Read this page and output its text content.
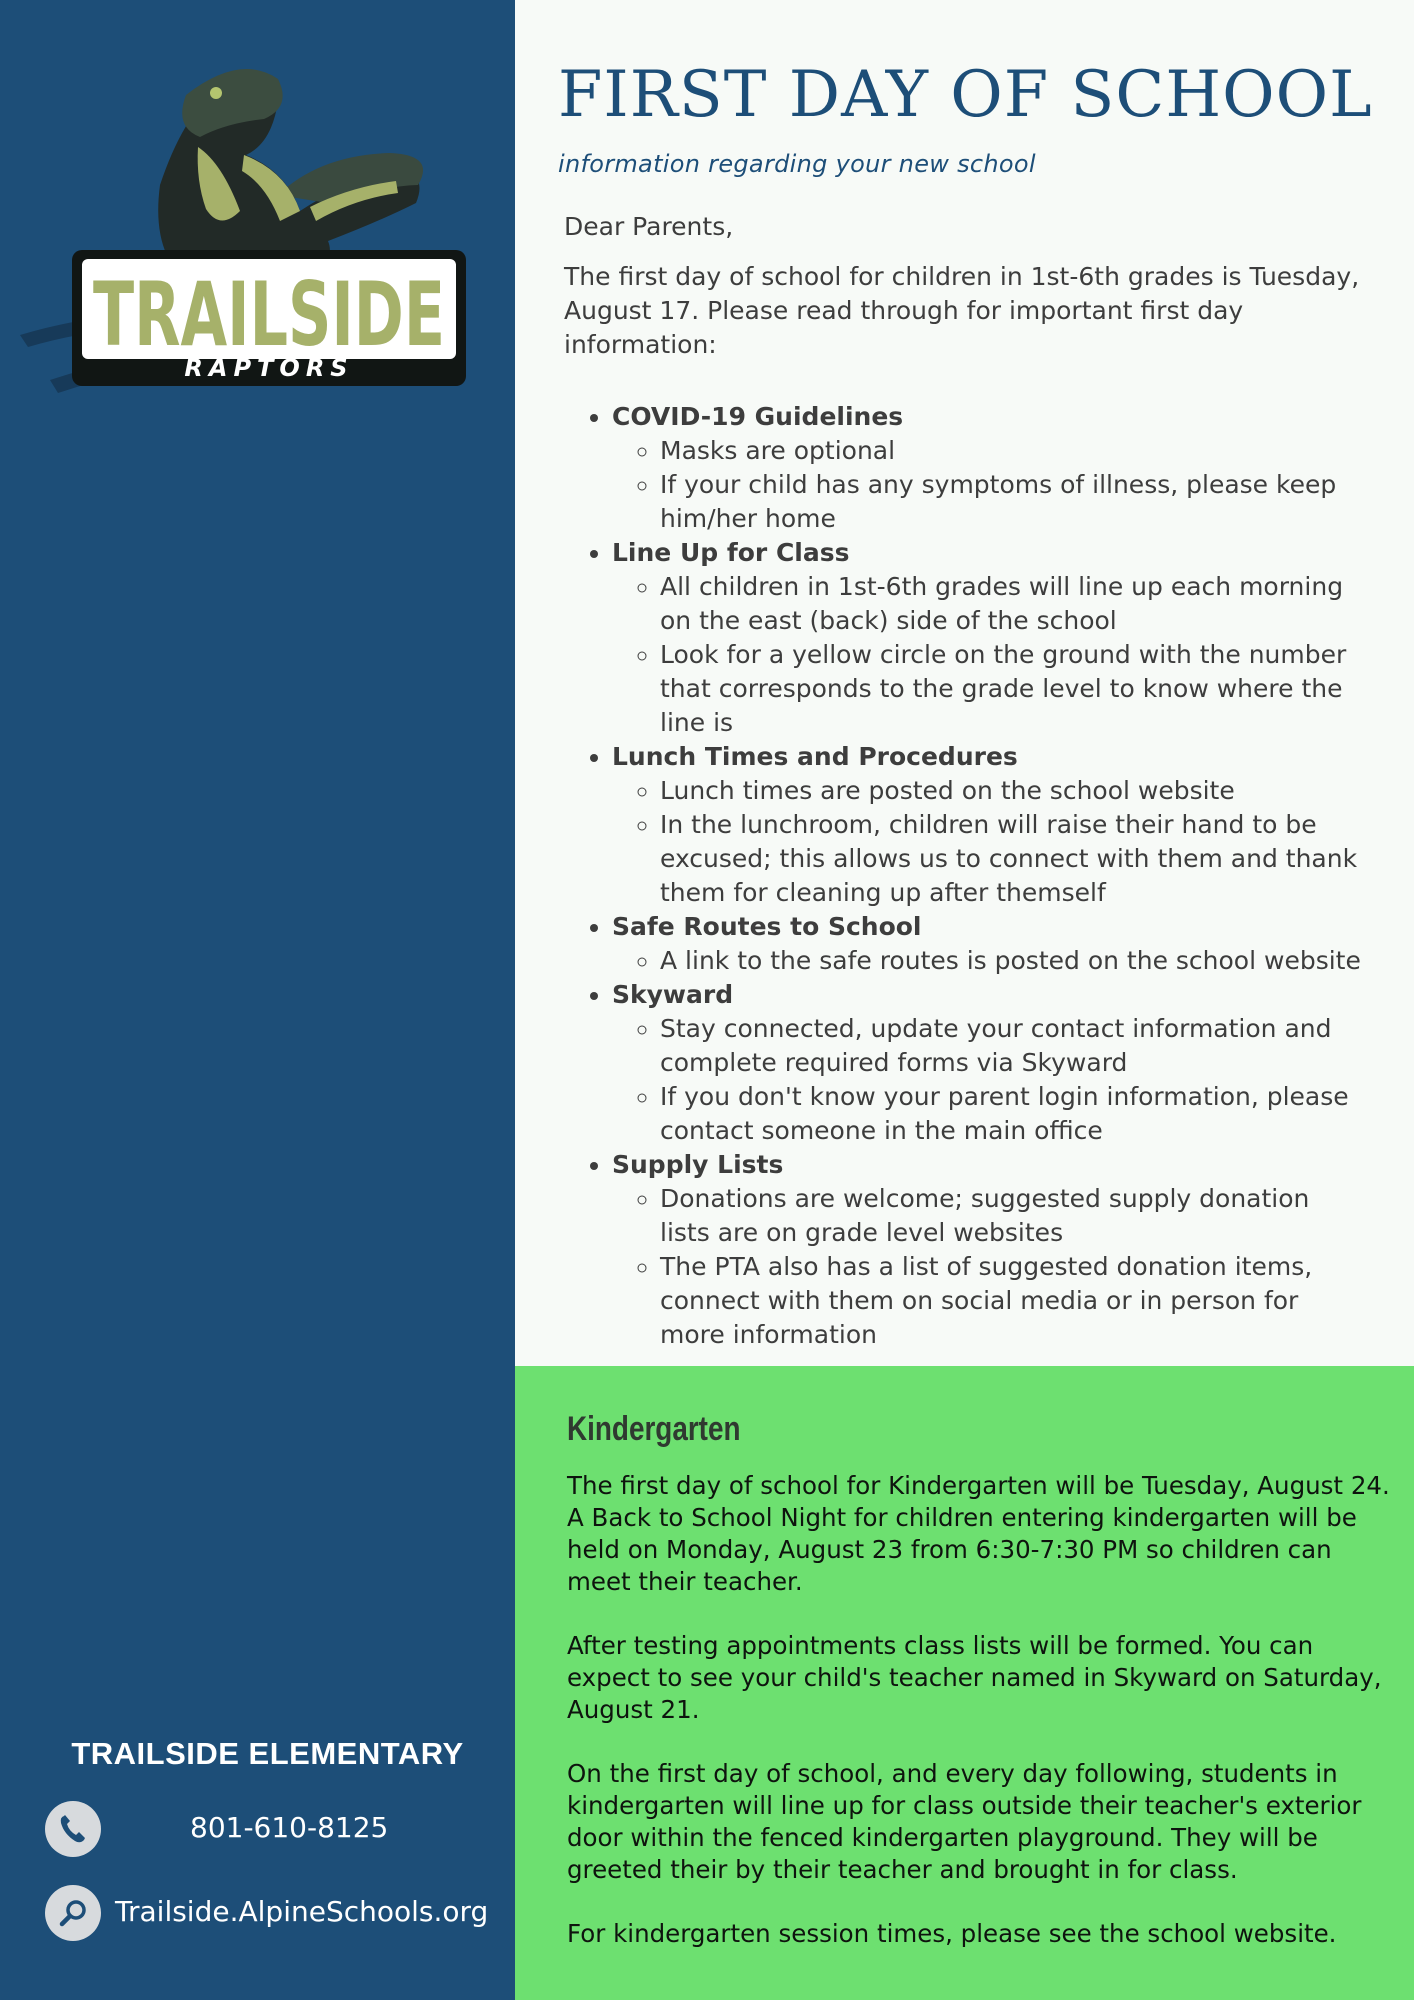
TRAILSIDE
RAPTORS
TRAILSIDE ELEMENTARY
801-610-8125
Trailside.AlpineSchools.org
FIRST DAY OF SCHOOL
information regarding your new school

Dear Parents,

The first day of school for children in 1st-6th grades is Tuesday, August 17. Please read through for important first day information:

• COVID-19 Guidelines
◦ Masks are optional
◦ If your child has any symptoms of illness, please keep him/her home
• Line Up for Class
◦ All children in 1st-6th grades will line up each morning on the east (back) side of the school
◦ Look for a yellow circle on the ground with the number that corresponds to the grade level to know where the line is
• Lunch Times and Procedures
◦ Lunch times are posted on the school website
◦ In the lunchroom, children will raise their hand to be excused; this allows us to connect with them and thank them for cleaning up after themself
• Safe Routes to School
◦ A link to the safe routes is posted on the school website
• Skyward
◦ Stay connected, update your contact information and complete required forms via Skyward
◦ If you don't know your parent login information, please contact someone in the main office
• Supply Lists
◦ Donations are welcome; suggested supply donation lists are on grade level websites
◦ The PTA also has a list of suggested donation items, connect with them on social media or in person for more information
Kindergarten

The first day of school for Kindergarten will be Tuesday, August 24. A Back to School Night for children entering kindergarten will be held on Monday, August 23 from 6:30-7:30 PM so children can meet their teacher.

After testing appointments class lists will be formed. You can expect to see your child's teacher named in Skyward on Saturday, August 21.

On the first day of school, and every day following, students in kindergarten will line up for class outside their teacher's exterior door within the fenced kindergarten playground. They will be greeted their by their teacher and brought in for class.

For kindergarten session times, please see the school website.
